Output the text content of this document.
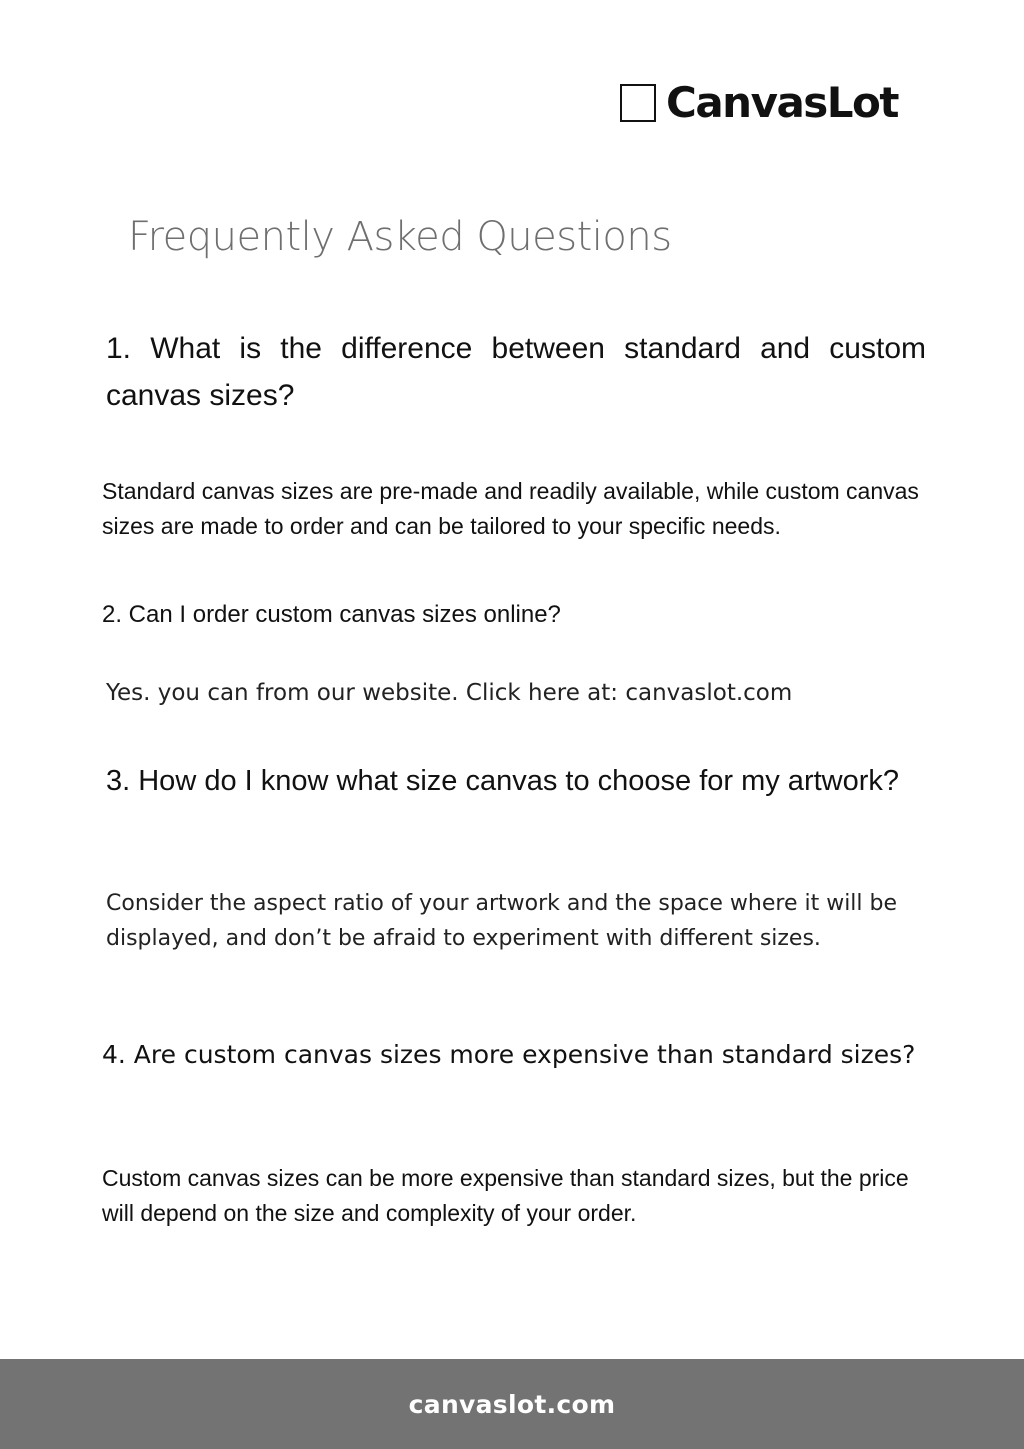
CanvasLot
Frequently Asked Questions

1. What is the difference between standard and custom canvas sizes?

Standard canvas sizes are pre-made and readily available, while custom canvas sizes are made to order and can be tailored to your specific needs.

2. Can I order custom canvas sizes online?

Yes. you can from our website. Click here at: canvaslot.com

3. How do I know what size canvas to choose for my artwork?

Consider the aspect ratio of your artwork and the space where it will be displayed, and don’t be afraid to experiment with different sizes.

4. Are custom canvas sizes more expensive than standard sizes?

Custom canvas sizes can be more expensive than standard sizes, but the price will depend on the size and complexity of your order.

canvaslot.com
